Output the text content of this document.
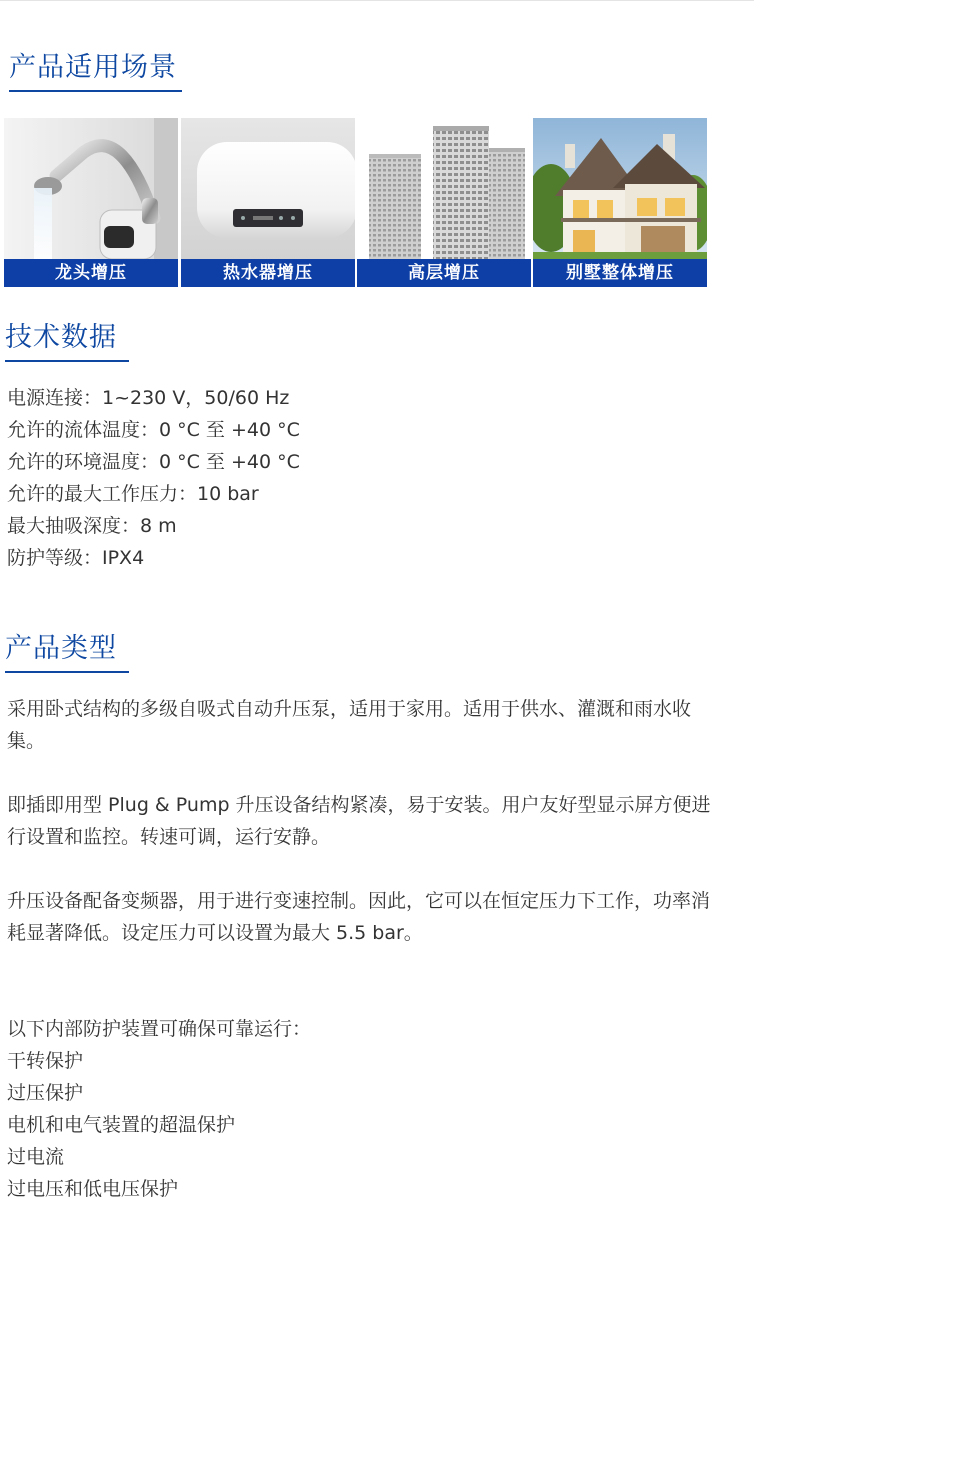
产品适用场景
龙头增压	热水器增压	高层增压	别墅整体增压
技术数据
电源连接：1~230 V，50/60 Hz
允许的流体温度：0 °C 至 +40 °C
允许的环境温度：0 °C 至 +40 °C
允许的最大工作压力：10 bar
最大抽吸深度：8 m
防护等级：IPX4
产品类型

采用卧式结构的多级自吸式自动升压泵，适用于家用。适用于供水、灌溉和雨水收集。

即插即用型 Plug & Pump 升压设备结构紧凑，易于安装。用户友好型显示屏方便进行设置和监控。转速可调，运行安静。

升压设备配备变频器，用于进行变速控制。因此，它可以在恒定压力下工作，功率消耗显著降低。设定压力可以设置为最大 5.5 bar。

以下内部防护装置可确保可靠运行：
干转保护
过压保护
电机和电气装置的超温保护
过电流
过电压和低电压保护
